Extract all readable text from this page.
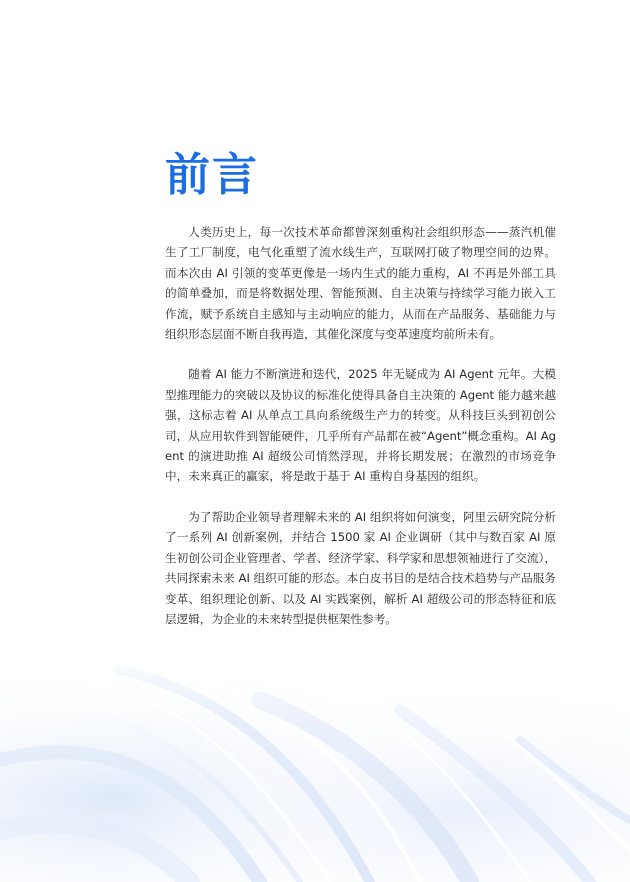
前言

人类历史上，每一次技术革命都曾深刻重构社会组织形态——蒸汽机催生了工厂制度，电气化重塑了流水线生产，互联网打破了物理空间的边界。而本次由 AI 引领的变革更像是一场内生式的能力重构，AI 不再是外部工具的简单叠加，而是将数据处理、智能预测、自主决策与持续学习能力嵌入工作流，赋予系统自主感知与主动响应的能力，从而在产品服务、基础能力与组织形态层面不断自我再造，其催化深度与变革速度均前所未有。

随着 AI 能力不断演进和迭代，2025 年无疑成为 AI Agent 元年。大模型推理能力的突破以及协议的标准化使得具备自主决策的 Agent 能力越来越强，这标志着 AI 从单点工具向系统级生产力的转变。从科技巨头到初创公司，从应用软件到智能硬件，几乎所有产品都在被“Agent”概念重构。AI Agent 的演进助推 AI 超级公司悄然浮现，并将长期发展；在激烈的市场竞争中，未来真正的赢家，将是敢于基于 AI 重构自身基因的组织。

为了帮助企业领导者理解未来的 AI 组织将如何演变，阿里云研究院分析了一系列 AI 创新案例，并结合 1500 家 AI 企业调研（其中与数百家 AI 原生初创公司企业管理者、学者、经济学家、科学家和思想领袖进行了交流），共同探索未来 AI 组织可能的形态。本白皮书目的是结合技术趋势与产品服务变革、组织理论创新、以及 AI 实践案例，解析 AI 超级公司的形态特征和底层逻辑，为企业的未来转型提供框架性参考。
